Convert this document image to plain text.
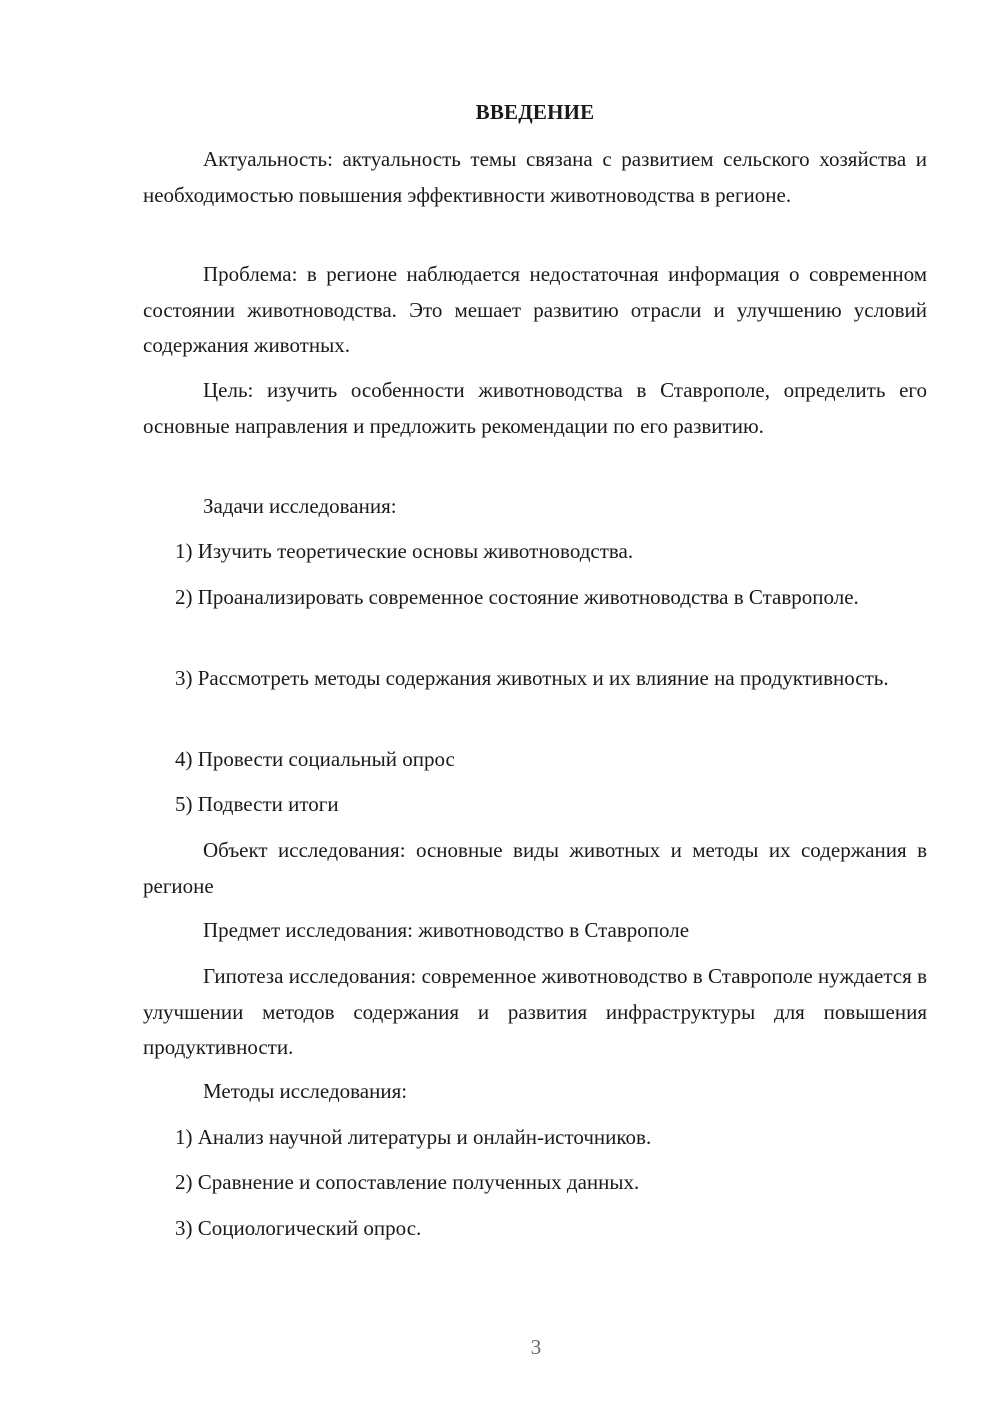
ВВЕДЕНИЕ

Актуальность: актуальность темы связана с развитием сельского хозяйства и необходимостью повышения эффективности животноводства в регионе.

Проблема: в регионе наблюдается недостаточная информация о современном состоянии животноводства. Это мешает развитию отрасли и улучшению условий содержания животных.

Цель: изучить особенности животноводства в Ставрополе, определить его основные направления и предложить рекомендации по его развитию.

Задачи исследования:

1) Изучить теоретические основы животноводства.

2) Проанализировать современное состояние животноводства в Ставрополе.

3) Рассмотреть методы содержания животных и их влияние на продуктивность.

4) Провести социальный опрос

5) Подвести итоги

Объект исследования: основные виды животных и методы их содержания в регионе

Предмет исследования: животноводство в Ставрополе

Гипотеза исследования: современное животноводство в Ставрополе нуждается в улучшении методов содержания и развития инфраструктуры для повышения продуктивности.

Методы исследования:

1) Анализ научной литературы и онлайн-источников.

2) Сравнение и сопоставление полученных данных.

3) Социологический опрос.

3
